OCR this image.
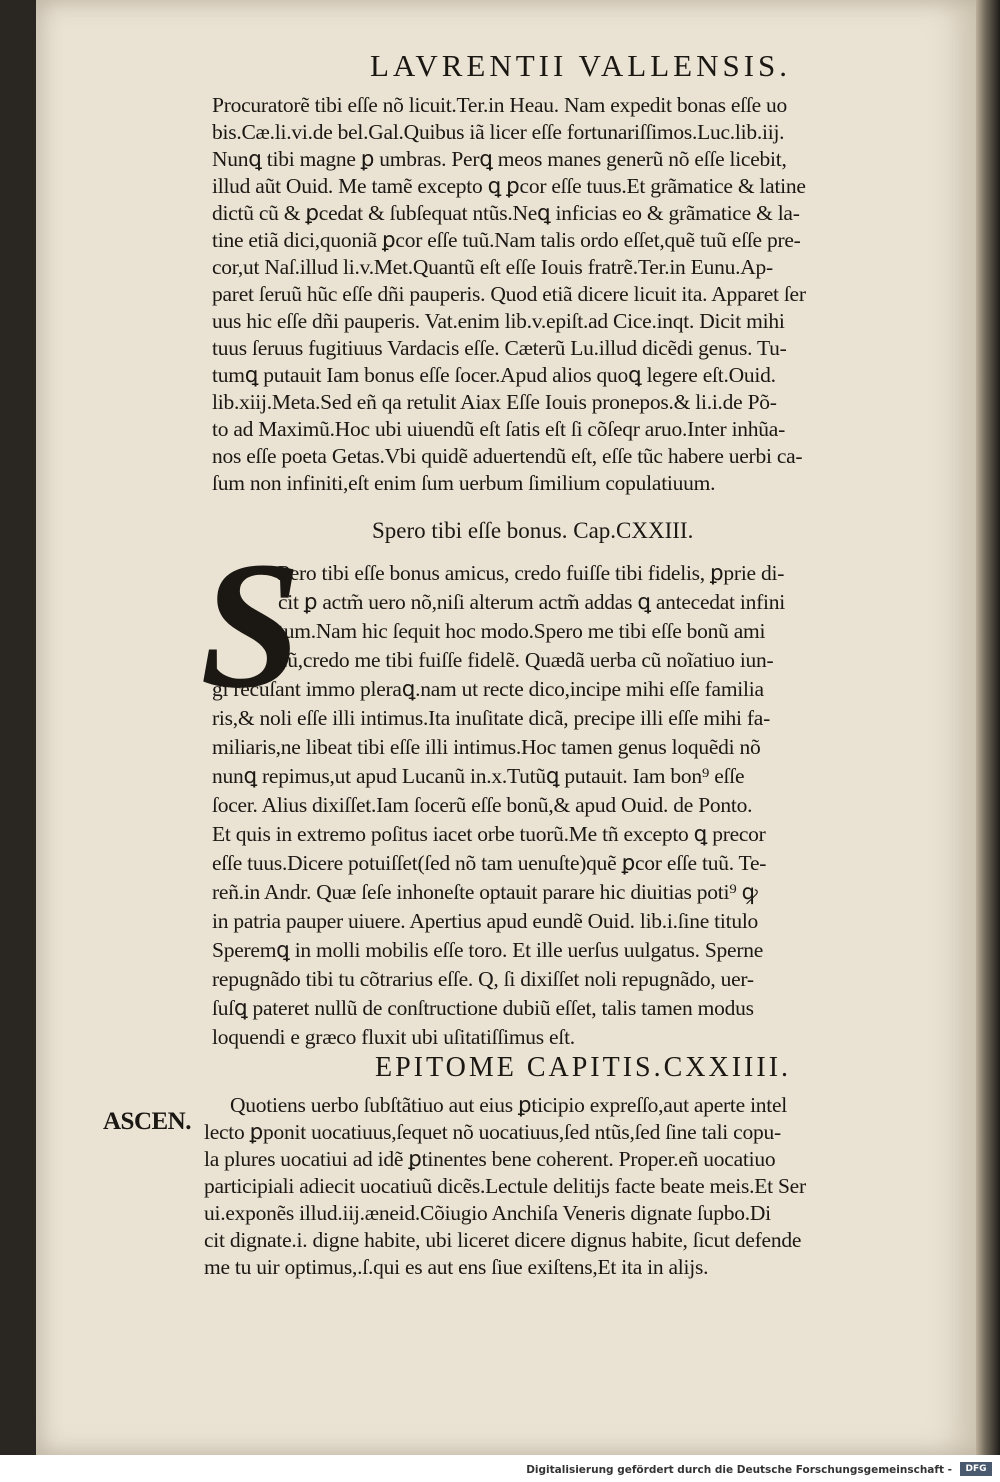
LAVRENTII VALLENSIS.
Procuratorẽ tibi eſſe nõ licuit.Ter.in Heau. Nam expedit bonas eſſe uo
bis.Cæ.li.vi.de bel.Gal.Quibus iã licer eſſe fortunariſſimos.Luc.lib.iij.
Nunꝗ tibi magne ꝑ umbras. Perꝗ meos manes generũ nõ eſſe licebit,
illud aũt Ouid. Me tamẽ excepto ꝗ ꝑcor eſſe tuus.Et grãmatice & latine
dictũ cũ & ꝑcedat & ſubſequat ntũs.Neꝗ inficias eo & grãmatice & la-
tine etiã dici,quoniã ꝑcor eſſe tuũ.Nam talis ordo eſſet,quẽ tuũ eſſe pre-
cor,ut Naſ.illud li.v.Met.Quantũ eſt eſſe Iouis fratrẽ.Ter.in Eunu.Ap-
paret ſeruũ hũc eſſe dñi pauperis. Quod etiã dicere licuit ita. Apparet ſer
uus hic eſſe dñi pauperis. Vat.enim lib.v.epiſt.ad Cice.inqt. Dicit mihi
tuus ſeruus fugitiuus Vardacis eſſe. Cæterũ Lu.illud dicẽdi genus. Tu-
tumꝗ putauit Iam bonus eſſe ſocer.Apud alios quoꝗ legere eſt.Ouid.
lib.xiij.Meta.Sed eñ qa retulit Aiax Eſſe Iouis pronepos.& li.i.de Põ-
to ad Maximũ.Hoc ubi uiuendũ eſt ſatis eſt ſi cõſeqr aruo.Inter inhũa-
nos eſſe poeta Getas.Vbi quidẽ aduertendũ eſt, eſſe tũc habere uerbi ca-
ſum non infiniti,eſt enim ſum uerbum ſimilium copulatiuum.
Spero tibi eſſe bonus. Cap.CXXIII.
S
Pero tibi eſſe bonus amicus, credo fuiſſe tibi fidelis, ꝑprie di-
cit ꝑ actm̃ uero nõ,niſi alterum actm̃ addas ꝗ antecedat infini
tum.Nam hic ſequit hoc modo.Spero me tibi eſſe bonũ ami
cũ,credo me tibi fuiſſe fidelẽ. Quædã uerba cũ noĩatiuo iun-
gi recuſant immo pleraꝗ.nam ut recte dico,incipe mihi eſſe familia
ris,& noli eſſe illi intimus.Ita inuſitate dicã, precipe illi eſſe mihi fa-
miliaris,ne libeat tibi eſſe illi intimus.Hoc tamen genus loquẽdi nõ
nunꝗ repimus,ut apud Lucanũ in.x.Tutũꝗ putauit. Iam bon⁹ eſſe
ſocer. Alius dixiſſet.Iam ſocerũ eſſe bonũ,& apud Ouid. de Ponto.
Et quis in extremo poſitus iacet orbe tuorũ.Me tñ excepto ꝗ precor
eſſe tuus.Dicere potuiſſet(ſed nõ tam uenuſte)quẽ ꝑcor eſſe tuũ. Te-
reñ.in Andr. Quæ ſeſe inhoneſte optauit parare hic diuitias poti⁹ ꝙ
in patria pauper uiuere. Apertius apud eundẽ Ouid. lib.i.ſine titulo
Speremꝗ in molli mobilis eſſe toro. Et ille uerſus uulgatus. Sperne
repugnãdo tibi tu cõtrarius eſſe. Q, ſi dixiſſet noli repugnãdo, uer-
ſuſꝗ pateret nullũ de conſtructione dubiũ eſſet, talis tamen modus
loquendi e græco fluxit ubi uſitatiſſimus eſt.
EPITOME CAPITIS.CXXIIII.
ASCEN.
Quotiens uerbo ſubſtãtiuo aut eius ꝑticipio expreſſo,aut aperte intel
lecto ꝑponit uocatiuus,ſequet nõ uocatiuus,ſed ntũs,ſed ſine tali copu-
la plures uocatiui ad idẽ ꝑtinentes bene coherent. Proper.eñ uocatiuo
participiali adiecit uocatiuũ dicẽs.Lectule delitijs facte beate meis.Et Ser
ui.exponẽs illud.iij.æneid.Cõiugio Anchiſa Veneris dignate ſupbo.Di
cit dignate.i. digne habite, ubi liceret dicere dignus habite, ſicut defende
me tu uir optimus,.ſ.qui es aut ens ſiue exiſtens,Et ita in alijs.
Digitalisierung gefördert durch die Deutsche Forschungsgemeinschaft -	DFG
